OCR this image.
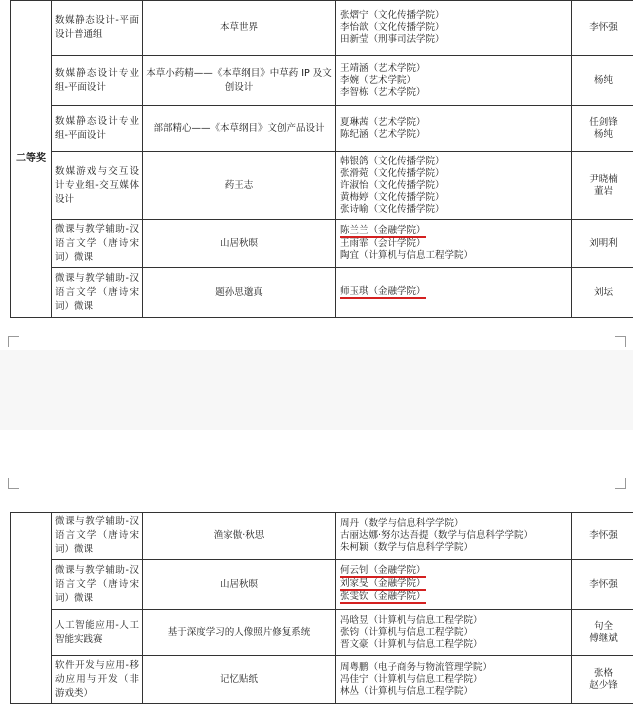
二等奖	数媒静态设计-平面设计普通组	本草世界	张熠宁（文化传播学院）
李怡歆（文化传播学院）
田新莹（刑事司法学院）	李怀强

	数媒静态设计专业组-平面设计	本草小药精——《本草纲目》中草药 IP 及文创设计	王靖涵（艺术学院）
李婉（艺术学院）
李智栋（艺术学院）	杨纯

	数媒静态设计专业组-平面设计	部部精心——《本草纲目》文创产品设计	夏琳茜（艺术学院）
陈纪涵（艺术学院）	任剑锋
杨纯

	数媒游戏与交互设计专业组-交互媒体设计	药王志	韩银鸽（文化传播学院）
张滑菀（文化传播学院）
许淑怡（文化传播学院）
黄梅婷（文化传播学院）
张诗喻（文化传播学院）	尹晓楠
董岩

	微课与教学辅助-汉语言文学（唐诗宋词）微课	山居秋暝	陈兰兰（金融学院）
王雨霏（会计学院）
陶宜（计算机与信息工程学院）	刘明利

	微课与教学辅助-汉语言文学（唐诗宋词）微课	题孙思邈真	师玉琪（金融学院）	刘坛
	微课与教学辅助-汉语言文学（唐诗宋词）微课	渔家傲·秋思	周丹（数学与信息科学学院）
古丽达娜·努尔达吾提（数学与信息科学学院）
朱柯颖（数学与信息科学学院）	李怀强

	微课与教学辅助-汉语言文学（唐诗宋词）微课	山居秋暝	何云钊（金融学院）
刘家旻（金融学院）
张雯钦（金融学院）	李怀强

	人工智能应用-人工智能实践赛	基于深度学习的人像照片修复系统	冯晗昱（计算机与信息工程学院）
张钧（计算机与信息工程学院）
晋文豪（计算机与信息工程学院）	句全
傅继斌

	软件开发与应用-移动应用与开发（非游戏类）	记忆贴纸	周粤鹏（电子商务与物流管理学院）
冯佳宁（计算机与信息工程学院）
林丛（计算机与信息工程学院）	张格
赵少锋
